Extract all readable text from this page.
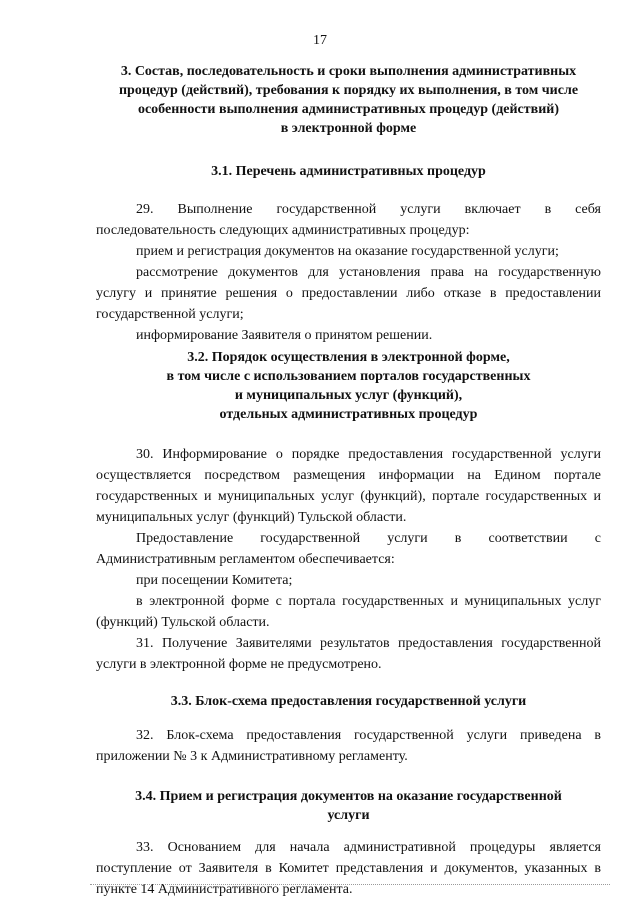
17
3. Состав, последовательность и сроки выполнения административных
процедур (действий), требования к порядку их выполнения, в том числе
особенности выполнения административных процедур (действий)
в электронной форме
3.1. Перечень административных процедур

29. Выполнение государственной услуги включает в себя последовательность следующих административных процедур:

прием и регистрация документов на оказание государственной услуги;

рассмотрение документов для установления права на государственную услугу и принятие решения о предоставлении либо отказе в предоставлении государственной услуги;

информирование Заявителя о принятом решении.

3.2. Порядок осуществления в электронной форме,
в том числе с использованием порталов государственных
и муниципальных услуг (функций),
отдельных административных процедур

30. Информирование о порядке предоставления государственной услуги осуществляется посредством размещения информации на Едином портале государственных и муниципальных услуг (функций), портале государственных и муниципальных услуг (функций) Тульской области.

Предоставление государственной услуги в соответствии с Административным регламентом обеспечивается:

при посещении Комитета;

в электронной форме с портала государственных и муниципальных услуг (функций) Тульской области.

31. Получение Заявителями результатов предоставления государственной услуги в электронной форме не предусмотрено.

3.3. Блок-схема предоставления государственной услуги

32. Блок-схема предоставления государственной услуги приведена в приложении № 3 к Административному регламенту.

3.4. Прием и регистрация документов на оказание государственной
услуги

33. Основанием для начала административной процедуры является поступление от Заявителя в Комитет представления и документов, указанных в пункте 14 Административного регламента.
